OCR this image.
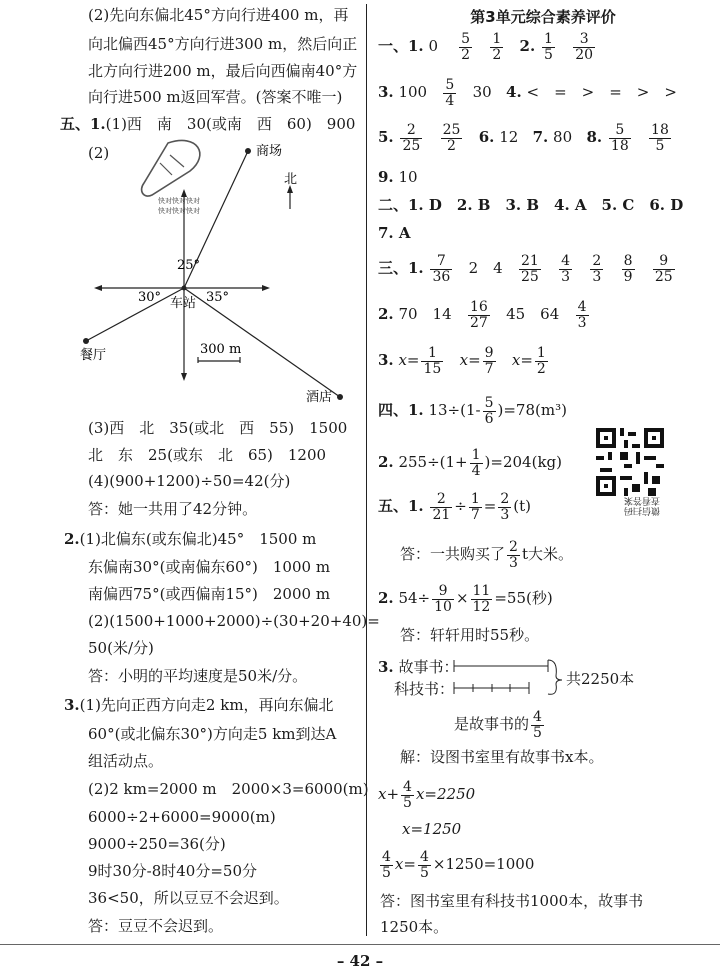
(2)先向东偏北45°方向行进400 m，再
向北偏西45°方向行进300 m，然后向正
北方向行进200 m，最后向西偏南40°方
向行进500 m返回军营。(答案不唯一)
五、1.(1)西　南　30(或南　西　60)　900
(2)
快对快对快对
快对快对快对
商场
北
25°
30°	35°
车站
餐厅	300 m
酒店
(3)西　北　35(或北　西　55)　1500
北　东　25(或东　北　65)　1200
(4)(900+1200)÷50=42(分)
答：她一共用了42分钟。
2.(1)北偏东(或东偏北)45°　1500 m
东偏南30°(或南偏东60°)　1000 m
南偏西75°(或西偏南15°)　2000 m
(2)(1500+1000+2000)÷(30+20+40)=
50(米/分)
答：小明的平均速度是50米/分。
3.(1)先向正西方向走2 km，再向东偏北
60°(或北偏东30°)方向走5 km到达A
组活动点。
(2)2 km=2000 m　2000×3=6000(m)
6000÷2+6000=9000(m)
9000÷250=36(分)
9时30分-8时40分=50分
36<50，所以豆豆不会迟到。
答：豆豆不会迟到。
第3单元综合素养评价
一、1. $0 \frac{5}{2}$
$\frac{1}{2} 2$. $\frac{1}{5}$
$\frac{3}{20}$
3. $100 \frac{5}{4} 30$ 4. <　=　>　=　>　>
5. $\frac{2}{25}$
$\frac{25}{2} 6$. 12 7. 80 8. $\frac{5}{18}$
$\frac{18}{5}$
9. 10
二、1. D　2. B　3. B　4. A　5. C　6. D
7. A
三、1. $\frac{7}{36} 2$　$4 \frac{21}{25}$
$\frac{4}{3}$
$\frac{2}{3}$
$\frac{8}{9}$
$\frac{9}{25}$
2. 70　$14 \frac{16}{27} 45$　$64 \frac{4}{3}$
3. $x= \frac{1}{15} x= \frac{9}{7} x= \frac{1}{2}$
四、1. $13\div(1- \frac{5}{6} )=78(m^3)$
2. $255\div(1+ \frac{1}{4} )=204(kg)$
微信扫码
查看答案
五、1. $\frac{2}{21} \div \frac{1}{7} = \frac{2}{3} (t)$
答：一共购买了 $\frac{2}{3}$ t大米。
2. $54\div \frac{9}{10} \times \frac{11}{12} =55$(秒)
答：轩轩用时55秒。
3. 故事书：
科技书：
共2250本
是故事书的 $\frac{4}{5}$
解：设图书室里有故事书x本。
$x+ \frac{4}{5} x=2250$
x=1250
$\frac{4}{5} x= \frac{4}{5} \times 1250=1000$
答：图书室里有科技书1000本，故事书
1250本。
– 42 –
